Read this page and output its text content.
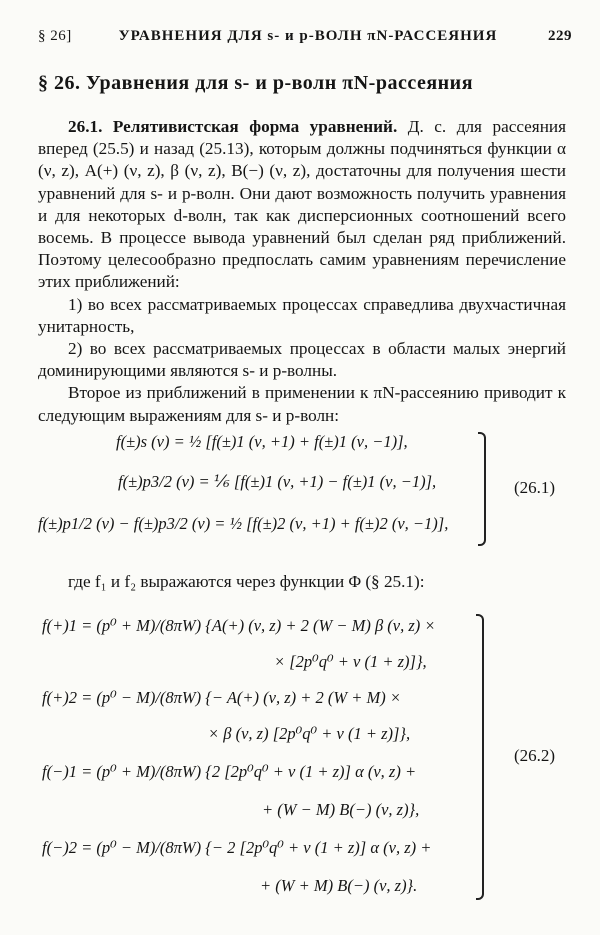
§ 26]	УРАВНЕНИЯ ДЛЯ s- и p-ВОЛН πN-РАССЕЯНИЯ	229
§ 26. Уравнения для s- и p-волн πN-рассеяния

26.1. Релятивистская форма уравнений. Д. с. для рассеяния вперед (25.5) и назад (25.13), которым должны подчиняться функции α (ν, z), A(+) (ν, z), β (ν, z), B(−) (ν, z), достаточны для получения шести уравнений для s- и p-волн. Они дают возможность получить уравнения и для некоторых d-волн, так как дисперсионных соотношений всего восемь. В процессе вывода уравнений был сделан ряд приближений. Поэтому целесообразно предпослать самим уравнениям перечисление этих приближений:

1) во всех рассматриваемых процессах справедлива двухчастичная унитарность,

2) во всех рассматриваемых процессах в области малых энергий доминирующими являются s- и p-волны.

Второе из приближений в применении к πN-рассеянию приводит к следующим выражениям для s- и p-волн:

f(±)s (ν) = ½ [f(±)1 (ν, +1) + f(±)1 (ν, −1)],
f(±)p3/2 (ν) = ⅙ [f(±)1 (ν, +1) − f(±)1 (ν, −1)],
f(±)p1/2 (ν) − f(±)p3/2 (ν) = ½ [f(±)2 (ν, +1) + f(±)2 (ν, −1)],
(26.1)
где f₁ и f₂ выражаются через функции Φ (§ 25.1):
f(+)1 = (p⁰ + M)/(8πW) {A(+) (ν, z) + 2 (W − M) β (ν, z) ×
× [2p⁰q⁰ + ν (1 + z)]},
f(+)2 = (p⁰ − M)/(8πW) {− A(+) (ν, z) + 2 (W + M) ×
× β (ν, z) [2p⁰q⁰ + ν (1 + z)]},
f(−)1 = (p⁰ + M)/(8πW) {2 [2p⁰q⁰ + ν (1 + z)] α (ν, z) +
+ (W − M) B(−) (ν, z)},
f(−)2 = (p⁰ − M)/(8πW) {− 2 [2p⁰q⁰ + ν (1 + z)] α (ν, z) +
+ (W + M) B(−) (ν, z)}.
(26.2)
